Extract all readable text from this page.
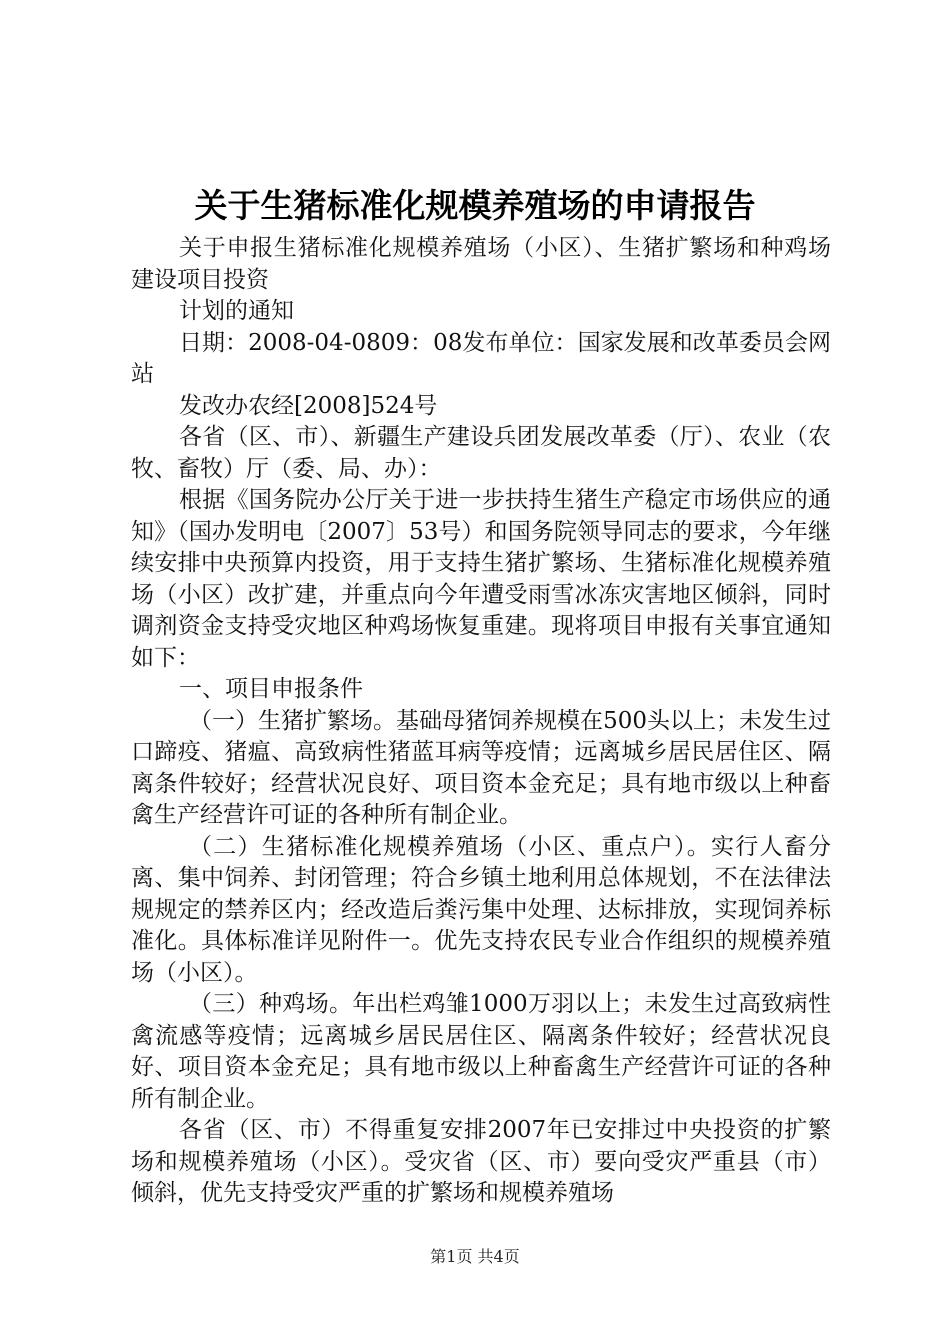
关于生猪标准化规模养殖场的申请报告

关于申报生猪标准化规模养殖场（小区）、生猪扩繁场和种鸡场建设项目投资

计划的通知

日期：2008-04-0809：08发布单位：国家发展和改革委员会网站

发改办农经[2008]524号

各省（区、市）、新疆生产建设兵团发展改革委（厅）、农业（农牧、畜牧）厅（委、局、办）：

根据《国务院办公厅关于进一步扶持生猪生产稳定市场供应的通知》（国办发明电〔2007〕53号）和国务院领导同志的要求，今年继续安排中央预算内投资，用于支持生猪扩繁场、生猪标准化规模养殖场（小区）改扩建，并重点向今年遭受雨雪冰冻灾害地区倾斜，同时调剂资金支持受灾地区种鸡场恢复重建。现将项目申报有关事宜通知如下：

一、项目申报条件

（一）生猪扩繁场。基础母猪饲养规模在500头以上；未发生过口蹄疫、猪瘟、高致病性猪蓝耳病等疫情；远离城乡居民居住区、隔离条件较好；经营状况良好、项目资本金充足；具有地市级以上种畜禽生产经营许可证的各种所有制企业。

（二）生猪标准化规模养殖场（小区、重点户）。实行人畜分离、集中饲养、封闭管理；符合乡镇土地利用总体规划，不在法律法规规定的禁养区内；经改造后粪污集中处理、达标排放，实现饲养标准化。具体标准详见附件一。优先支持农民专业合作组织的规模养殖场（小区）。

（三）种鸡场。年出栏鸡雏1000万羽以上；未发生过高致病性禽流感等疫情；远离城乡居民居住区、隔离条件较好；经营状况良好、项目资本金充足；具有地市级以上种畜禽生产经营许可证的各种所有制企业。

各省（区、市）不得重复安排2007年已安排过中央投资的扩繁场和规模养殖场（小区）。受灾省（区、市）要向受灾严重县（市）倾斜，优先支持受灾严重的扩繁场和规模养殖场

第1页 共4页
